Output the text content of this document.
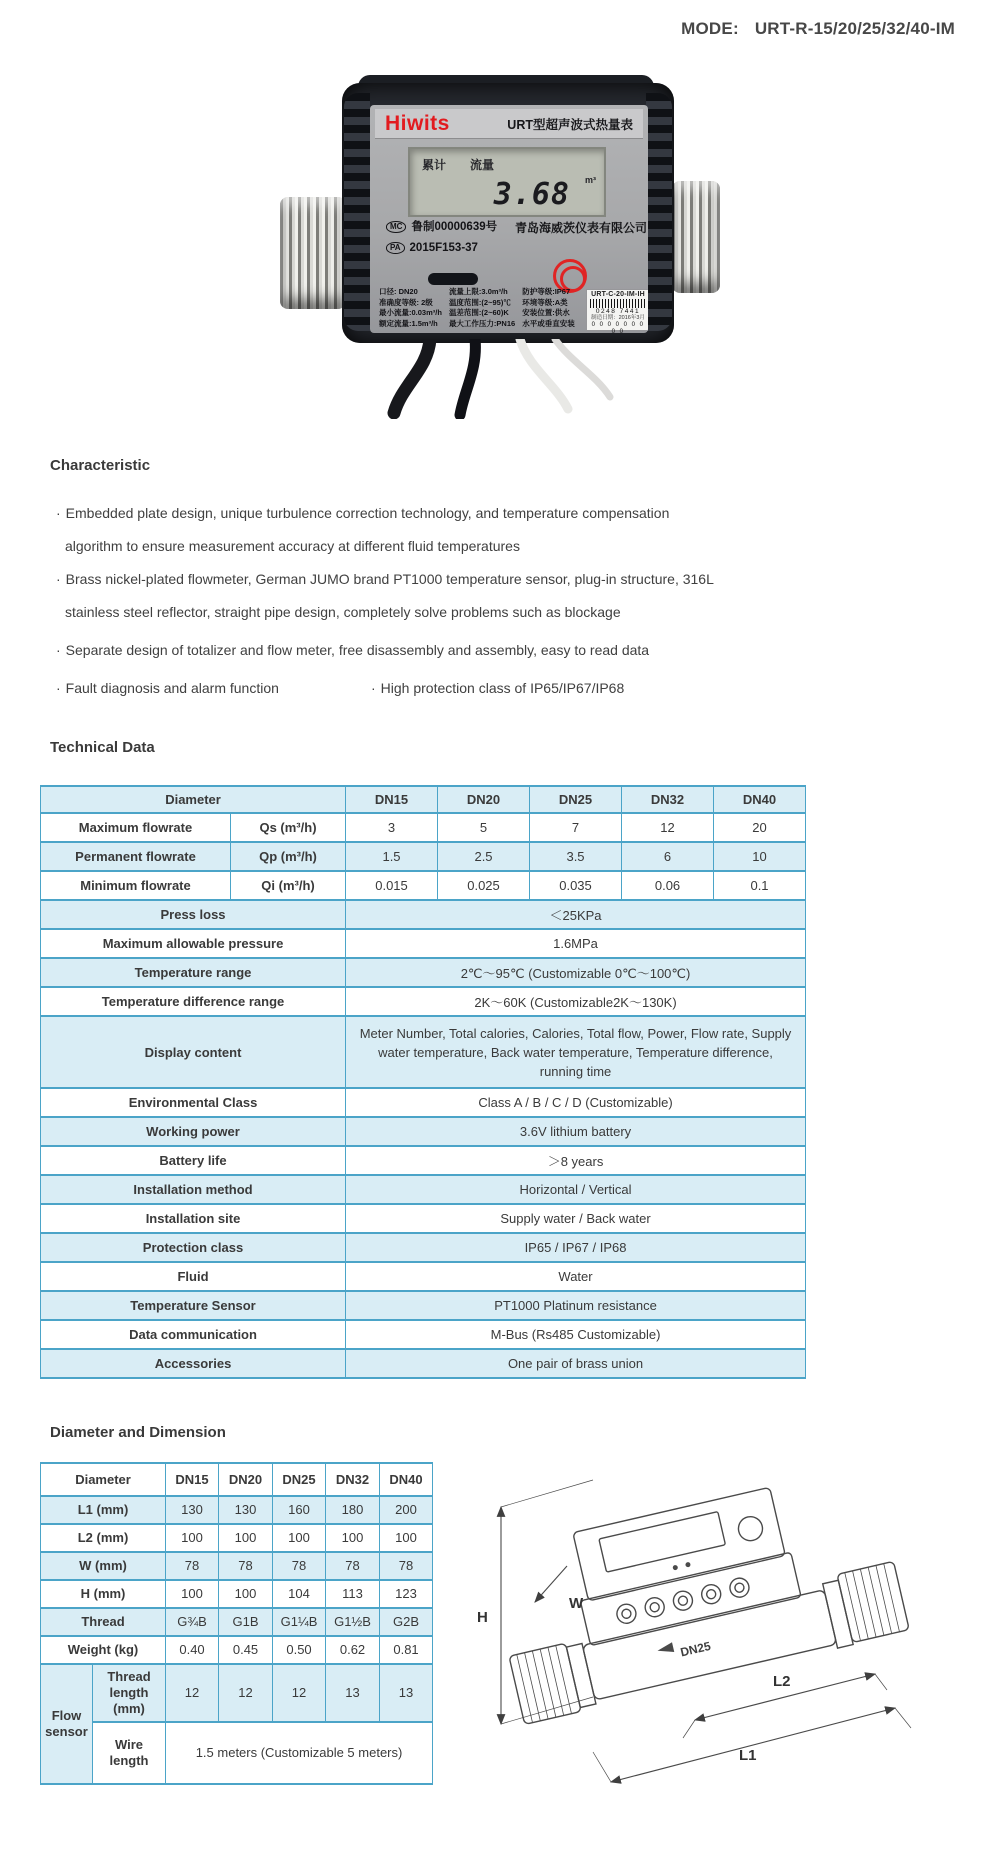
MODE: URT-R-15/20/25/32/40-IM
Hiwits	URT型超声波式热量表
累计 流量
3.68 m³
MC 鲁制00000639号
PA 2015F153-37
青岛海威茨仪表有限公司
口径: DN20
准确度等级: 2级
最小流量:0.03m³/h
额定流量:1.5m³/h
流量上限:3.0m³/h
温度范围:(2~95)℃
温差范围:(2~60)K
最大工作压力:PN16
防护等级:IP67
环境等级:A类
安装位置:供水
水平或垂直安装
URT-C-20-IM-IH
0248 7441
制造日期：2016年3月
0 0 0 0 0 0 0 0 0
Characteristic

· Embedded plate design, unique turbulence correction technology, and temperature compensation algorithm to ensure measurement accuracy at different fluid temperatures

· Brass nickel-plated flowmeter, German JUMO brand PT1000 temperature sensor, plug-in structure, 316L stainless steel reflector, straight pipe design, completely solve problems such as blockage

· Separate design of totalizer and flow meter, free disassembly and assembly, easy to read data

· Fault diagnosis and alarm function	· High protection class of IP65/IP67/IP68

Technical Data
Diameter		DN15	DN20	DN25	DN32	DN40
Maximum flowrate	Qs (m³/h)	3	5	7	12	20
Permanent flowrate	Qp (m³/h)	1.5	2.5	3.5	6	10
Minimum flowrate	Qi (m³/h)	0.015	0.025	0.035	0.06	0.1
Press loss		＜25KPa				
Maximum allowable pressure		1.6MPa				
Temperature range		2℃～95℃ (Customizable 0℃～100℃)				
Temperature difference range		2K～60K (Customizable2K～130K)				
Display content		Meter Number, Total calories, Calories, Total flow, Power, Flow rate, Supply water temperature, Back water temperature, Temperature difference, running time				
Environmental Class		Class A / B / C / D (Customizable)				
Working power		3.6V lithium battery				
Battery life		＞8 years				
Installation method		Horizontal / Vertical				
Installation site		Supply water / Back water				
Protection class		IP65 / IP67 / IP68				
Fluid		Water				
Temperature Sensor		PT1000 Platinum resistance				
Data communication		M-Bus (Rs485 Customizable)				
Accessories		One pair of brass union				
Diameter and Dimension
Diameter		DN15	DN20	DN25	DN32	DN40
L1 (mm)		130	130	160	180	200
L2 (mm)		100	100	100	100	100
W (mm)		78	78	78	78	78
H (mm)		100	100	104	113	123
Thread		G¾B	G1B	G1¼B	G1½B	G2B
Weight (kg)		0.40	0.45	0.50	0.62	0.81
Flow sensor	Thread length (mm)	12	12	12	13	13
	Wire length	1.5 meters (Customizable 5 meters)				
DN25
H
W
L2
L1
